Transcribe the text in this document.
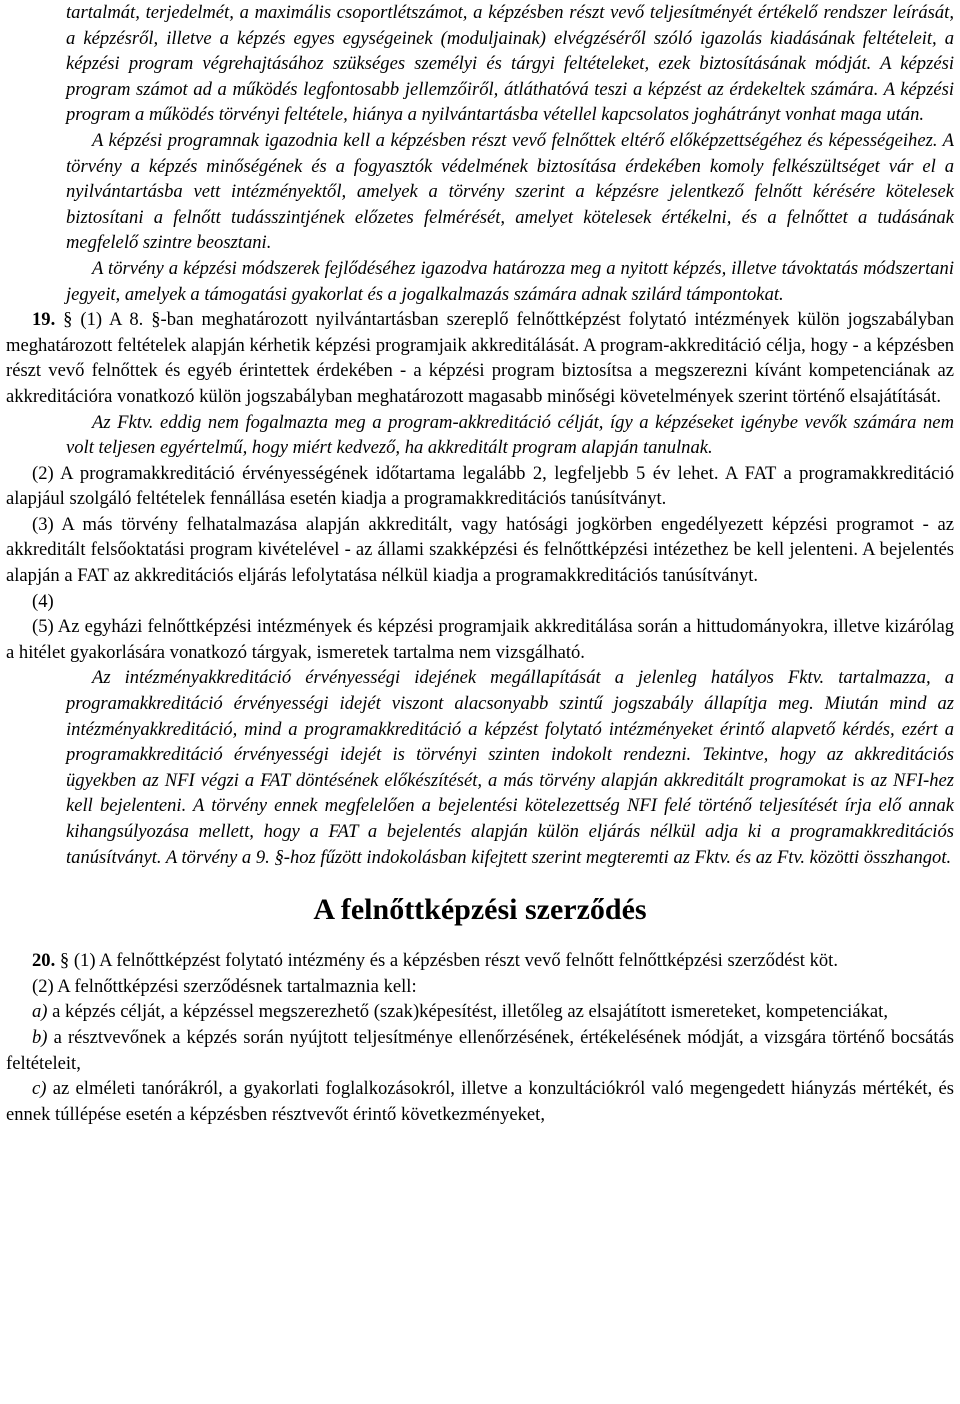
tartalmát, terjedelmét, a maximális csoportlétszámot, a képzésben részt vevő teljesítményét értékelő rendszer leírását, a képzésről, illetve a képzés egyes egységeinek (moduljainak) elvégzéséről szóló igazolás kiadásának feltételeit, a képzési program végrehajtásához szükséges személyi és tárgyi feltételeket, ezek biztosításának módját. A képzési program számot ad a működés legfontosabb jellemzőiről, átláthatóvá teszi a képzést az érdekeltek számára. A képzési program a működés törvényi feltétele, hiánya a nyilvántartásba vétellel kapcsolatos joghátrányt vonhat maga után.

A képzési programnak igazodnia kell a képzésben részt vevő felnőttek eltérő előképzettségéhez és képességeihez. A törvény a képzés minőségének és a fogyasztók védelmének biztosítása érdekében komoly felkészültséget vár el a nyilvántartásba vett intézményektől, amelyek a törvény szerint a képzésre jelentkező felnőtt kérésére kötelesek biztosítani a felnőtt tudásszintjének előzetes felmérését, amelyet kötelesek értékelni, és a felnőttet a tudásának megfelelő szintre beosztani.

A törvény a képzési módszerek fejlődéséhez igazodva határozza meg a nyitott képzés, illetve távoktatás módszertani jegyeit, amelyek a támogatási gyakorlat és a jogalkalmazás számára adnak szilárd támpontokat.

19. § (1) A 8. §-ban meghatározott nyilvántartásban szereplő felnőttképzést folytató intézmények külön jogszabályban meghatározott feltételek alapján kérhetik képzési programjaik akkreditálását. A program-akkreditáció célja, hogy - a képzésben részt vevő felnőttek és egyéb érintettek érdekében - a képzési program biztosítsa a megszerezni kívánt kompetenciának az akkreditációra vonatkozó külön jogszabályban meghatározott magasabb minőségi követelmények szerint történő elsajátítását.

Az Fktv. eddig nem fogalmazta meg a program-akkreditáció célját, így a képzéseket igénybe vevők számára nem volt teljesen egyértelmű, hogy miért kedvező, ha akkreditált program alapján tanulnak.

(2) A programakkreditáció érvényességének időtartama legalább 2, legfeljebb 5 év lehet. A FAT a programakkreditáció alapjául szolgáló feltételek fennállása esetén kiadja a programakkreditációs tanúsítványt.

(3) A más törvény felhatalmazása alapján akkreditált, vagy hatósági jogkörben engedélyezett képzési programot - az akkreditált felsőoktatási program kivételével - az állami szakképzési és felnőttképzési intézethez be kell jelenteni. A bejelentés alapján a FAT az akkreditációs eljárás lefolytatása nélkül kiadja a programakkreditációs tanúsítványt.

(4)

(5) Az egyházi felnőttképzési intézmények és képzési programjaik akkreditálása során a hittudományokra, illetve kizárólag a hitélet gyakorlására vonatkozó tárgyak, ismeretek tartalma nem vizsgálható.

Az intézményakkreditáció érvényességi idejének megállapítását a jelenleg hatályos Fktv. tartalmazza, a programakkreditáció érvényességi idejét viszont alacsonyabb szintű jogszabály állapítja meg. Miután mind az intézményakkreditáció, mind a programakkreditáció a képzést folytató intézményeket érintő alapvető kérdés, ezért a programakkreditáció érvényességi idejét is törvényi szinten indokolt rendezni. Tekintve, hogy az akkreditációs ügyekben az NFI végzi a FAT döntésének előkészítését, a más törvény alapján akkreditált programokat is az NFI-hez kell bejelenteni. A törvény ennek megfelelően a bejelentési kötelezettség NFI felé történő teljesítését írja elő annak kihangsúlyozása mellett, hogy a FAT a bejelentés alapján külön eljárás nélkül adja ki a programakkreditációs tanúsítványt. A törvény a 9. §-hoz fűzött indokolásban kifejtett szerint megteremti az Fktv. és az Ftv. közötti összhangot.

A felnőttképzési szerződés

20. § (1) A felnőttképzést folytató intézmény és a képzésben részt vevő felnőtt felnőttképzési szerződést köt.

(2) A felnőttképzési szerződésnek tartalmaznia kell:

a) a képzés célját, a képzéssel megszerezhető (szak)képesítést, illetőleg az elsajátított ismereteket, kompetenciákat,

b) a résztvevőnek a képzés során nyújtott teljesítménye ellenőrzésének, értékelésének módját, a vizsgára történő bocsátás feltételeit,

c) az elméleti tanórákról, a gyakorlati foglalkozásokról, illetve a konzultációkról való megengedett hiányzás mértékét, és ennek túllépése esetén a képzésben résztvevőt érintő következményeket,
